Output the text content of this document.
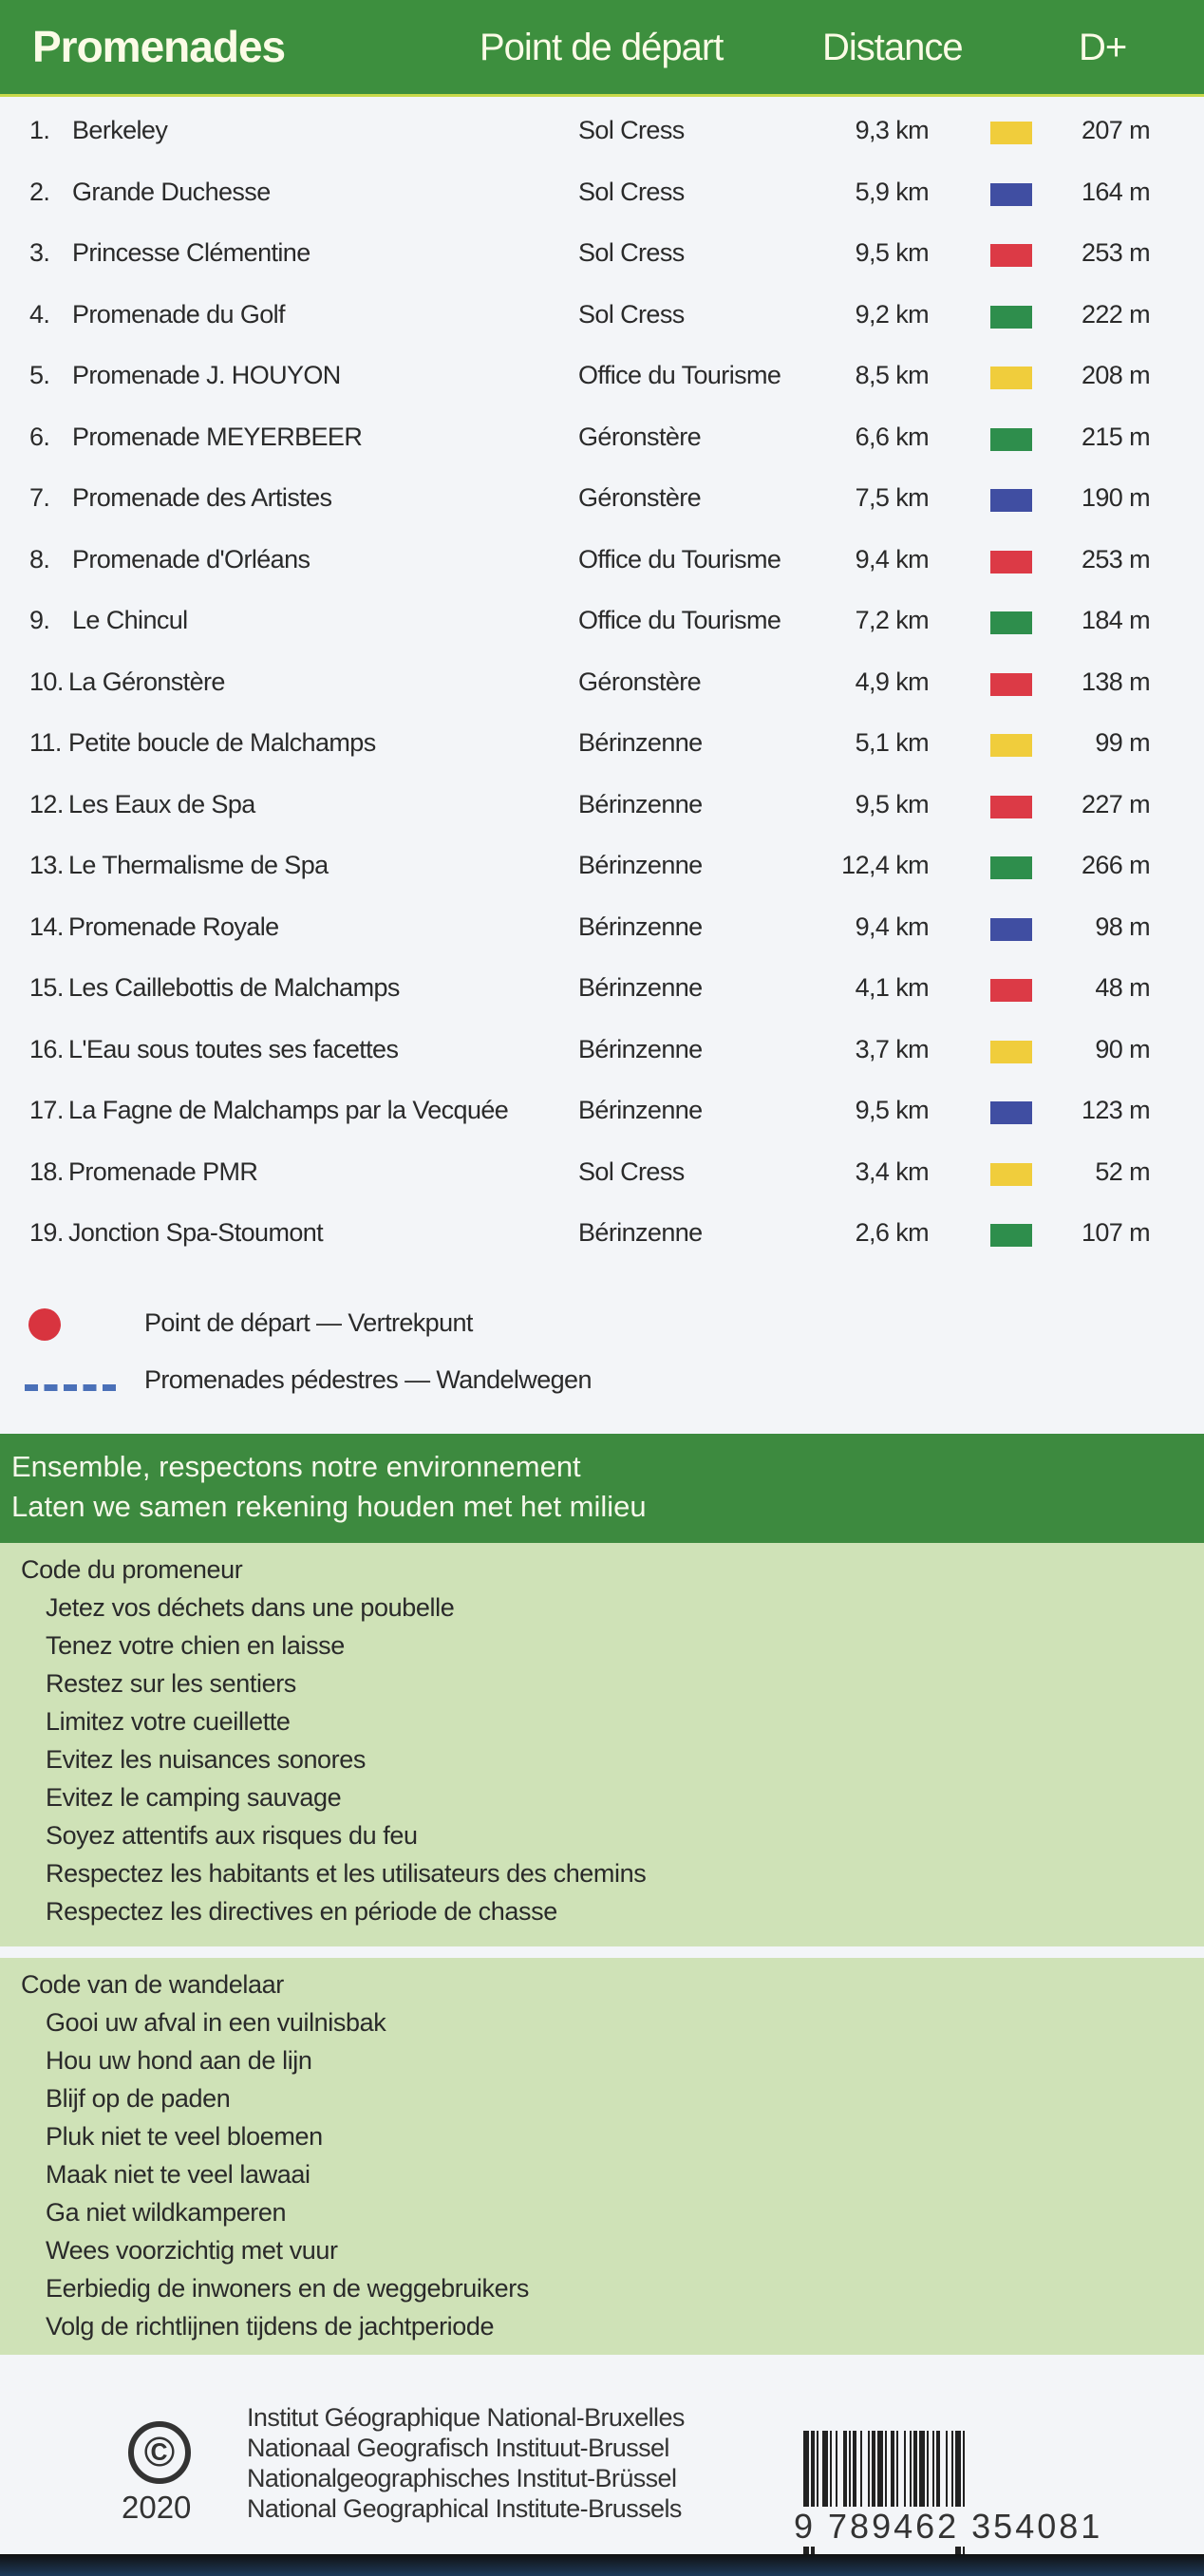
Promenades	Point de départ	Distance	D+
1. Berkeley	Sol Cress	9,3 km	207 m
2. Grande Duchesse	Sol Cress	5,9 km	164 m
3. Princesse Clémentine	Sol Cress	9,5 km	253 m
4. Promenade du Golf	Sol Cress	9,2 km	222 m
5. Promenade J. HOUYON	Office du Tourisme	8,5 km	208 m
6. Promenade MEYERBEER	Géronstère	6,6 km	215 m
7. Promenade des Artistes	Géronstère	7,5 km	190 m
8. Promenade d'Orléans	Office du Tourisme	9,4 km	253 m
9. Le Chincul	Office du Tourisme	7,2 km	184 m
10. La Géronstère	Géronstère	4,9 km	138 m
11. Petite boucle de Malchamps	Bérinzenne	5,1 km	99 m
12. Les Eaux de Spa	Bérinzenne	9,5 km	227 m
13. Le Thermalisme de Spa	Bérinzenne	12,4 km	266 m
14. Promenade Royale	Bérinzenne	9,4 km	98 m
15. Les Caillebottis de Malchamps	Bérinzenne	4,1 km	48 m
16. L'Eau sous toutes ses facettes	Bérinzenne	3,7 km	90 m
17. La Fagne de Malchamps par la Vecquée	Bérinzenne	9,5 km	123 m
18. Promenade PMR	Sol Cress	3,4 km	52 m
19. Jonction Spa-Stoumont	Bérinzenne	2,6 km	107 m
Point de départ — Vertrekpunt
Promenades pédestres — Wandelwegen
Ensemble, respectons notre environnement
Laten we samen rekening houden met het milieu
Code du promeneur
Jetez vos déchets dans une poubelle
Tenez votre chien en laisse
Restez sur les sentiers
Limitez votre cueillette
Evitez les nuisances sonores
Evitez le camping sauvage
Soyez attentifs aux risques du feu
Respectez les habitants et les utilisateurs des chemins
Respectez les directives en période de chasse
Code van de wandelaar
Gooi uw afval in een vuilnisbak
Hou uw hond aan de lijn
Blijf op de paden
Pluk niet te veel bloemen
Maak niet te veel lawaai
Ga niet wildkamperen
Wees voorzichtig met vuur
Eerbiedig de inwoners en de weggebruikers
Volg de richtlijnen tijdens de jachtperiode
©
2020
Institut Géographique National-Bruxelles
Nationaal Geografisch Instituut-Brussel
Nationalgeographisches Institut-Brüssel
National Geographical Institute-Brussels	9 789462 354081
